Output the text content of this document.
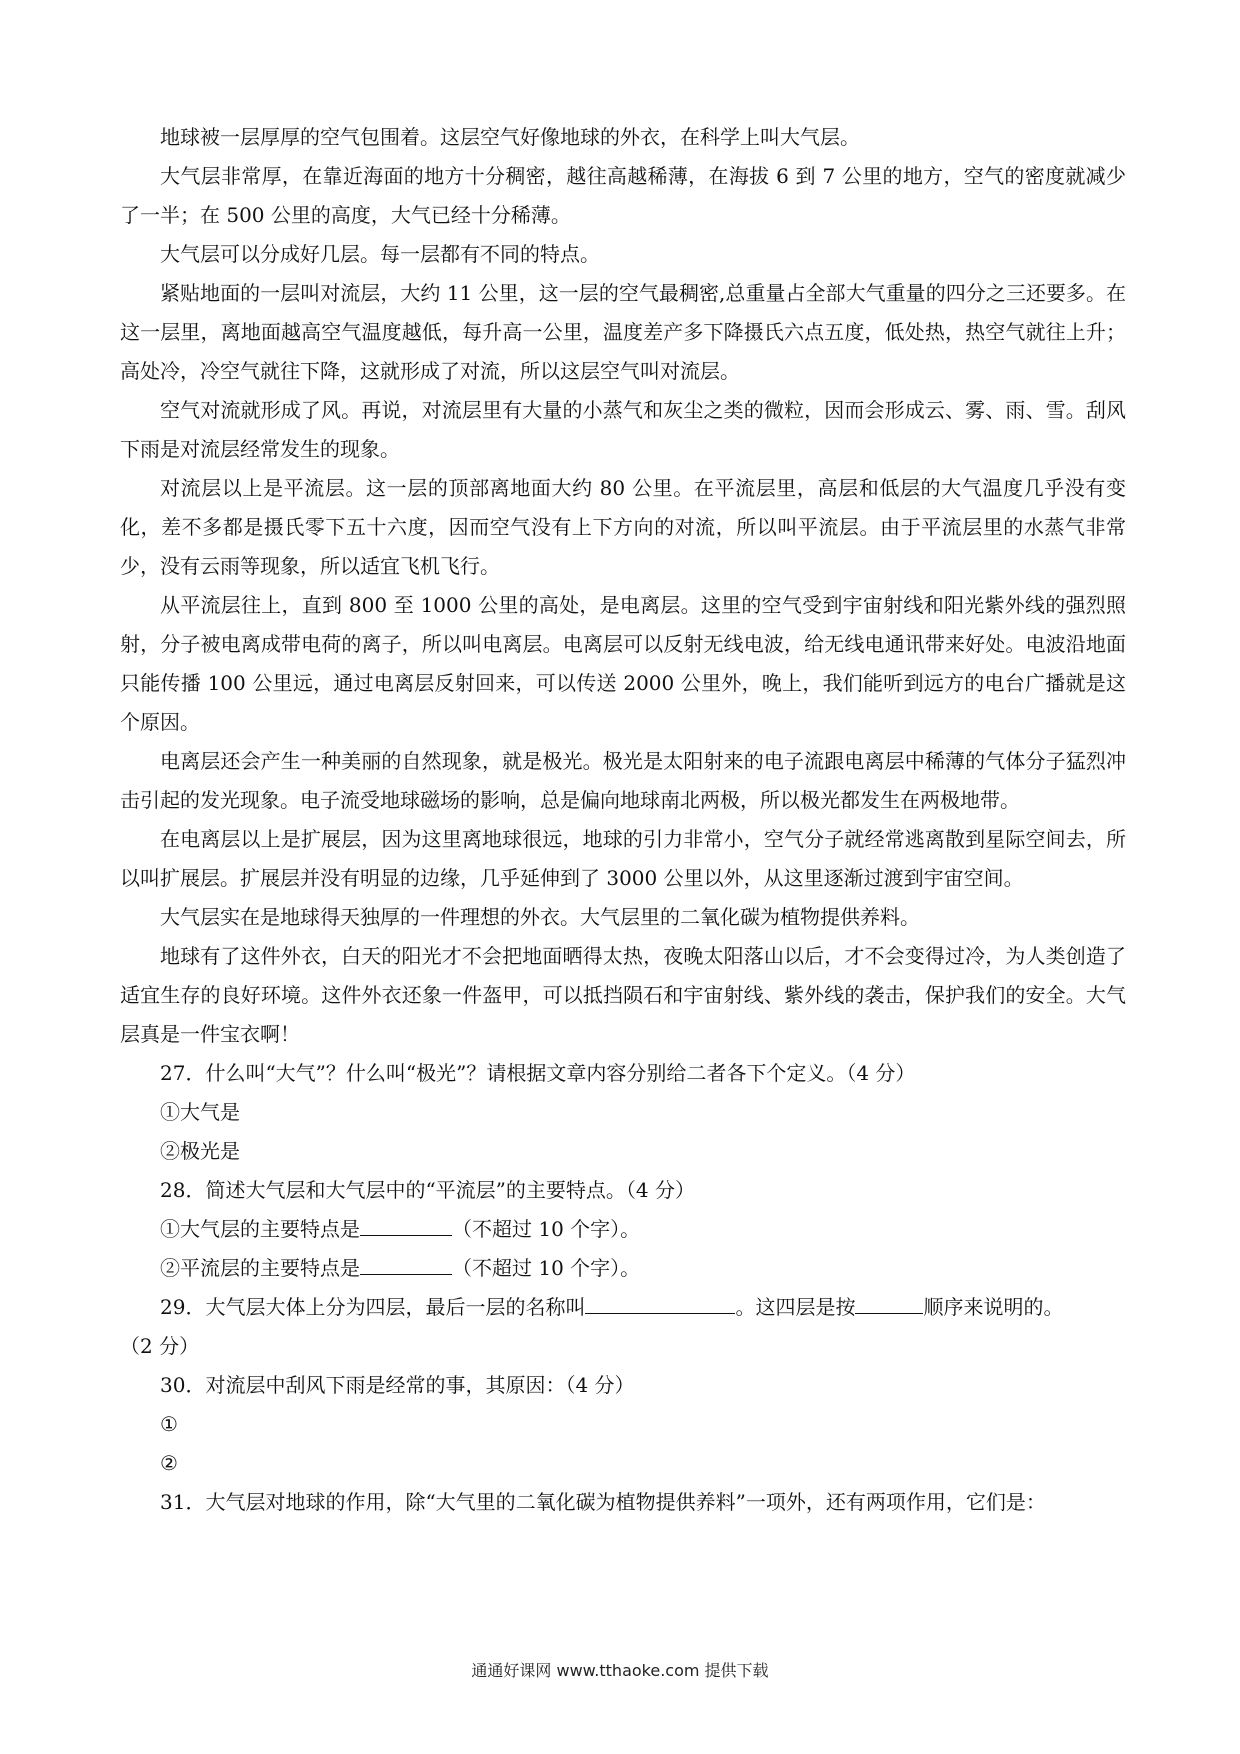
地球被一层厚厚的空气包围着。这层空气好像地球的外衣，在科学上叫大气层。

大气层非常厚，在靠近海面的地方十分稠密，越往高越稀薄，在海拔 6 到 7 公里的地方，空气的密度就减少了一半；在 500 公里的高度，大气已经十分稀薄。

大气层可以分成好几层。每一层都有不同的特点。

紧贴地面的一层叫对流层，大约 11 公里，这一层的空气最稠密,总重量占全部大气重量的四分之三还要多。在这一层里，离地面越高空气温度越低，每升高一公里，温度差产多下降摄氏六点五度，低处热，热空气就往上升；高处冷，冷空气就往下降，这就形成了对流，所以这层空气叫对流层。

空气对流就形成了风。再说，对流层里有大量的小蒸气和灰尘之类的微粒，因而会形成云、雾、雨、雪。刮风下雨是对流层经常发生的现象。

对流层以上是平流层。这一层的顶部离地面大约 80 公里。在平流层里，高层和低层的大气温度几乎没有变化，差不多都是摄氏零下五十六度，因而空气没有上下方向的对流，所以叫平流层。由于平流层里的水蒸气非常少，没有云雨等现象，所以适宜飞机飞行。

从平流层往上，直到 800 至 1000 公里的高处，是电离层。这里的空气受到宇宙射线和阳光紫外线的强烈照射，分子被电离成带电荷的离子，所以叫电离层。电离层可以反射无线电波，给无线电通讯带来好处。电波沿地面只能传播 100 公里远，通过电离层反射回来，可以传送 2000 公里外，晚上，我们能听到远方的电台广播就是这个原因。

电离层还会产生一种美丽的自然现象，就是极光。极光是太阳射来的电子流跟电离层中稀薄的气体分子猛烈冲击引起的发光现象。电子流受地球磁场的影响，总是偏向地球南北两极，所以极光都发生在两极地带。

在电离层以上是扩展层，因为这里离地球很远，地球的引力非常小，空气分子就经常逃离散到星际空间去，所以叫扩展层。扩展层并没有明显的边缘，几乎延伸到了 3000 公里以外，从这里逐渐过渡到宇宙空间。

大气层实在是地球得天独厚的一件理想的外衣。大气层里的二氧化碳为植物提供养料。

地球有了这件外衣，白天的阳光才不会把地面晒得太热，夜晚太阳落山以后，才不会变得过冷，为人类创造了适宜生存的良好环境。这件外衣还象一件盔甲，可以抵挡陨石和宇宙射线、紫外线的袭击，保护我们的安全。大气层真是一件宝衣啊！

27．什么叫“大气”？什么叫“极光”？请根据文章内容分别给二者各下个定义。（4 分）

①大气是

②极光是

28．简述大气层和大气层中的“平流层”的主要特点。（4 分）

①大气层的主要特点是	（不超过 10 个字）。

②平流层的主要特点是	（不超过 10 个字）。

29．大气层大体上分为四层，最后一层的名称叫	。这四层是按	顺序来说明的。

（2 分）

30．对流层中刮风下雨是经常的事，其原因：（4 分）

①

②

31．大气层对地球的作用，除“大气里的二氧化碳为植物提供养料”一项外，还有两项作用，它们是：

通通好课网 www.tthaoke.com 提供下载
